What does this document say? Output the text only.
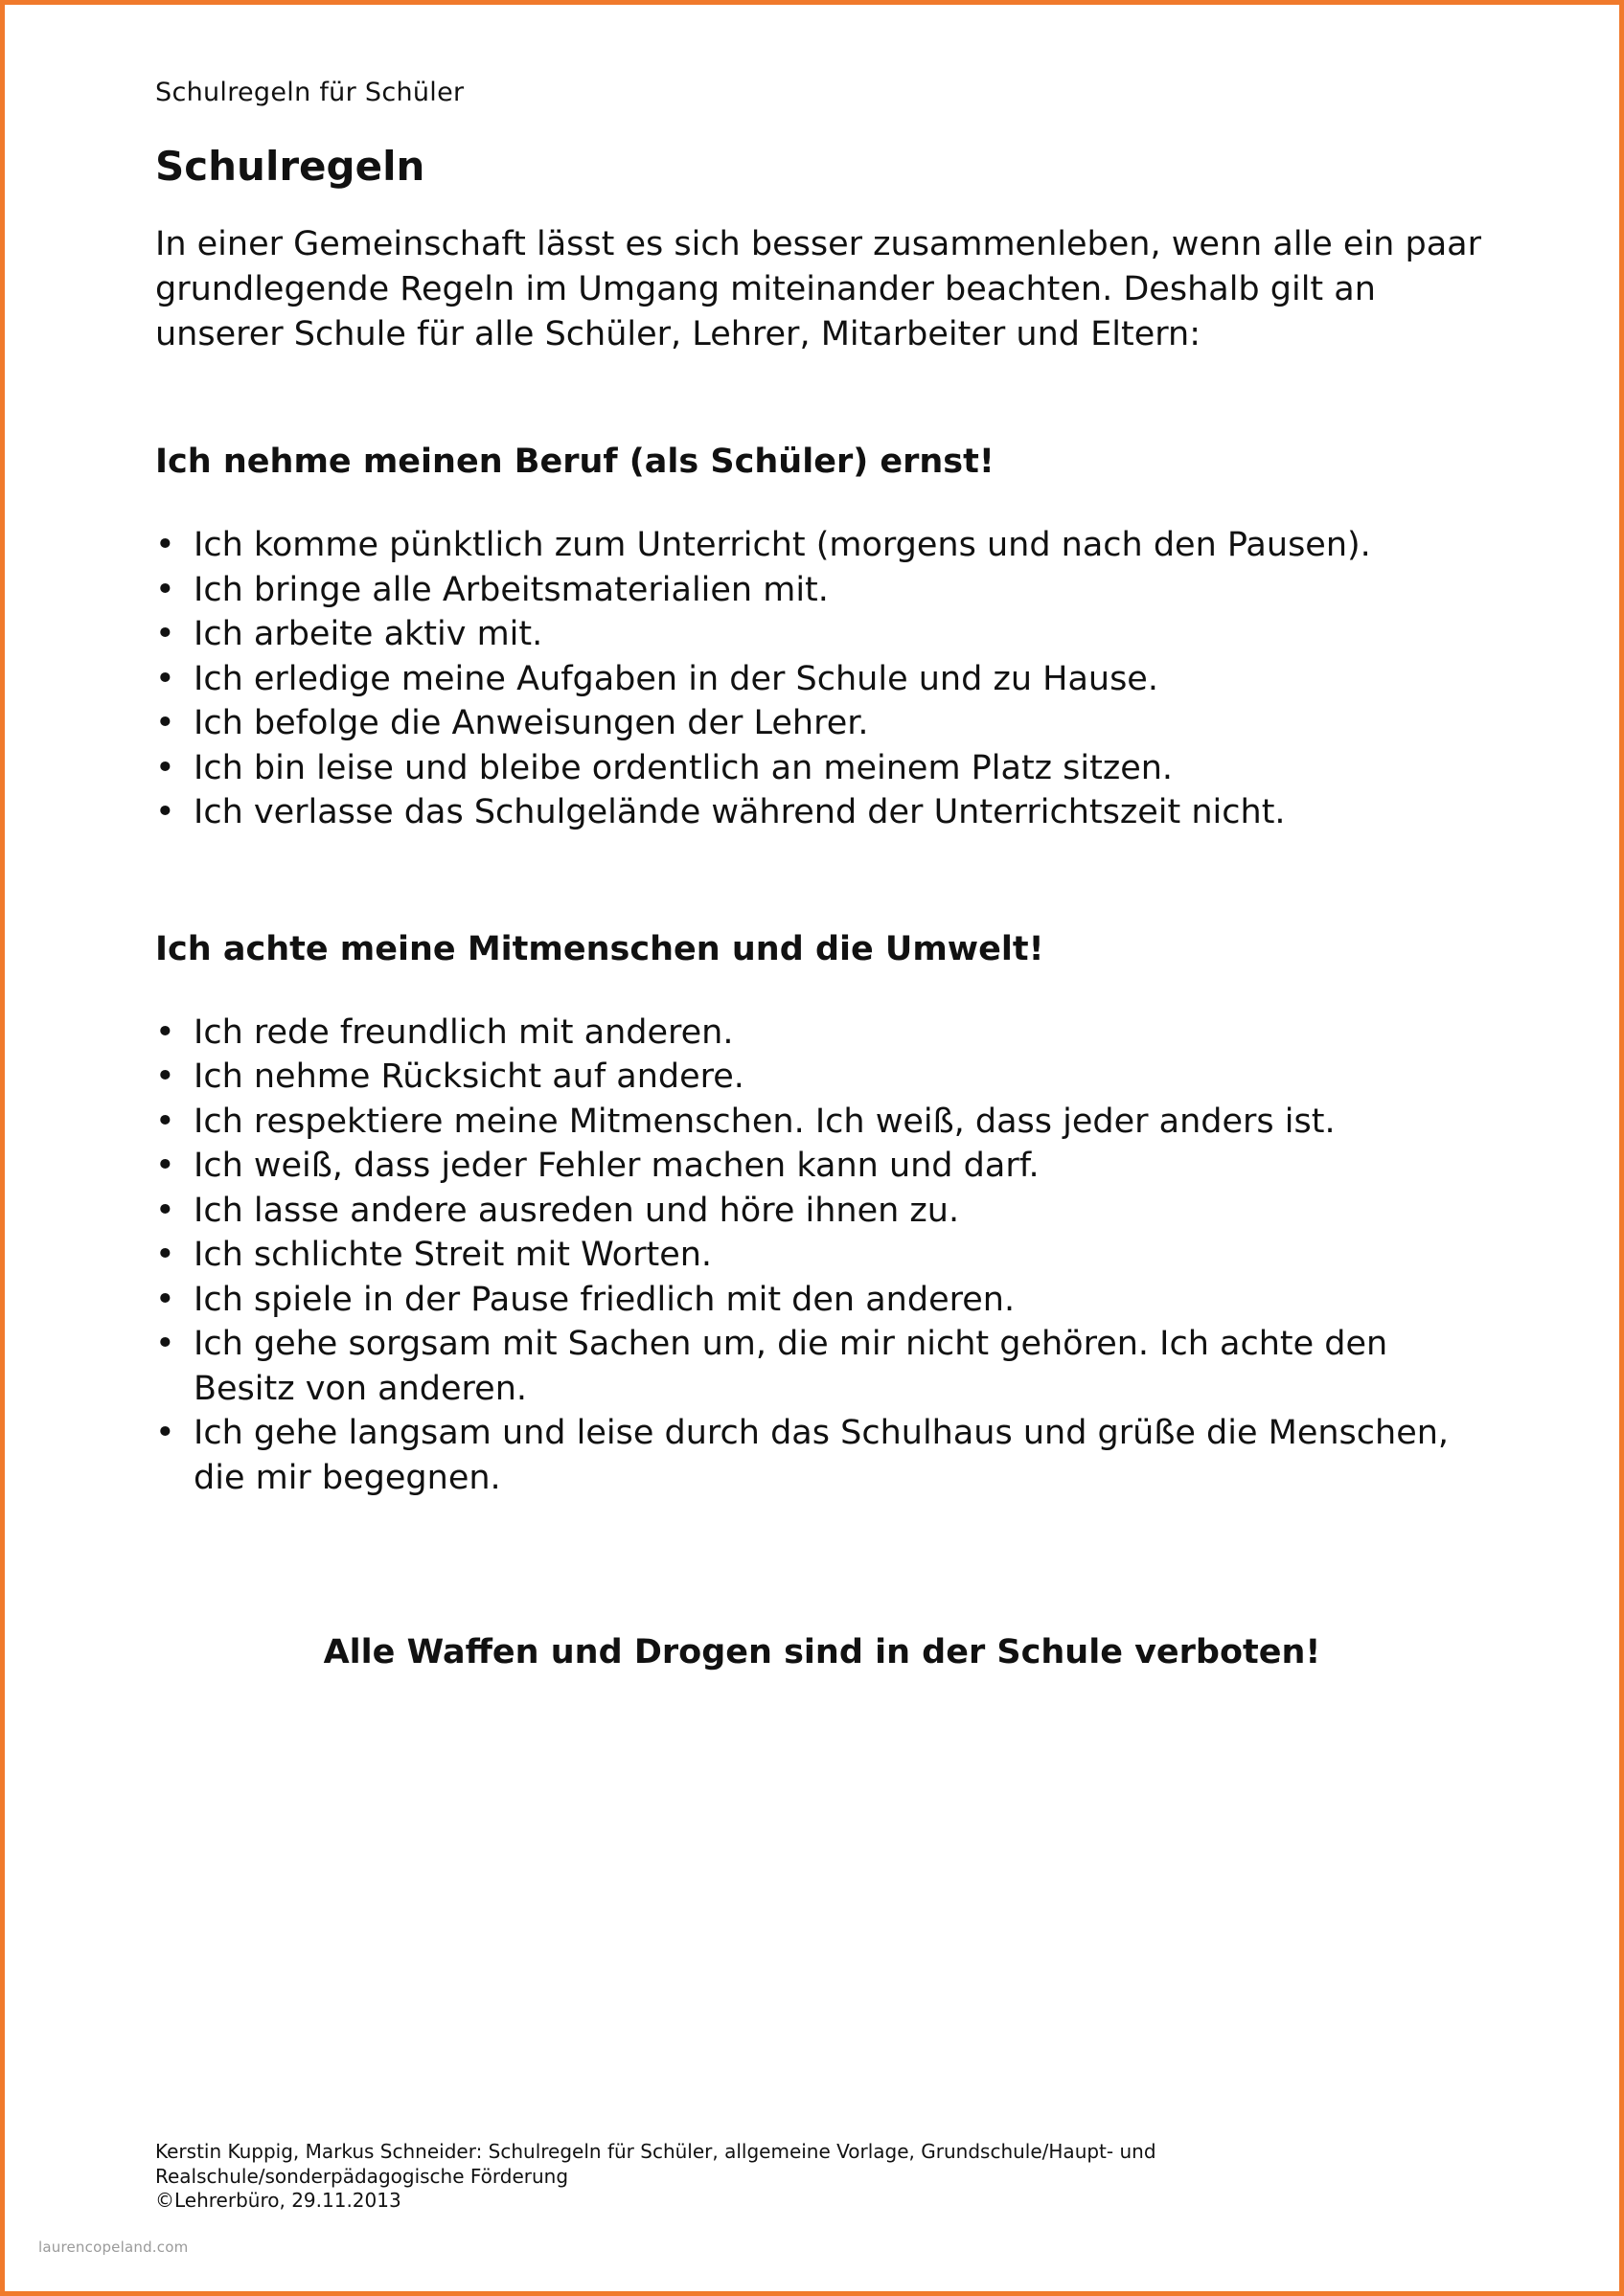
Schulregeln für Schüler
Schulregeln
In einer Gemeinschaft lässt es sich besser zusammenleben, wenn alle ein paar grundlegende Regeln im Umgang miteinander beachten. Deshalb gilt an unserer Schule für alle Schüler, Lehrer, Mitarbeiter und Eltern:
Ich nehme meinen Beruf (als Schüler) ernst!
• Ich komme pünktlich zum Unterricht (morgens und nach den Pausen).
• Ich bringe alle Arbeitsmaterialien mit.
• Ich arbeite aktiv mit.
• Ich erledige meine Aufgaben in der Schule und zu Hause.
• Ich befolge die Anweisungen der Lehrer.
• Ich bin leise und bleibe ordentlich an meinem Platz sitzen.
• Ich verlasse das Schulgelände während der Unterrichtszeit nicht.
Ich achte meine Mitmenschen und die Umwelt!
• Ich rede freundlich mit anderen.
• Ich nehme Rücksicht auf andere.
• Ich respektiere meine Mitmenschen. Ich weiß, dass jeder anders ist.
• Ich weiß, dass jeder Fehler machen kann und darf.
• Ich lasse andere ausreden und höre ihnen zu.
• Ich schlichte Streit mit Worten.
• Ich spiele in der Pause friedlich mit den anderen.
• Ich gehe sorgsam mit Sachen um, die mir nicht gehören. Ich achte den Besitz von anderen.
• Ich gehe langsam und leise durch das Schulhaus und grüße die Menschen, die mir begegnen.
Alle Waffen und Drogen sind in der Schule verboten!
Kerstin Kuppig, Markus Schneider: Schulregeln für Schüler, allgemeine Vorlage, Grundschule/Haupt- und Realschule/sonderpädagogische Förderung
©Lehrerbüro, 29.11.2013
laurencopeland.com
